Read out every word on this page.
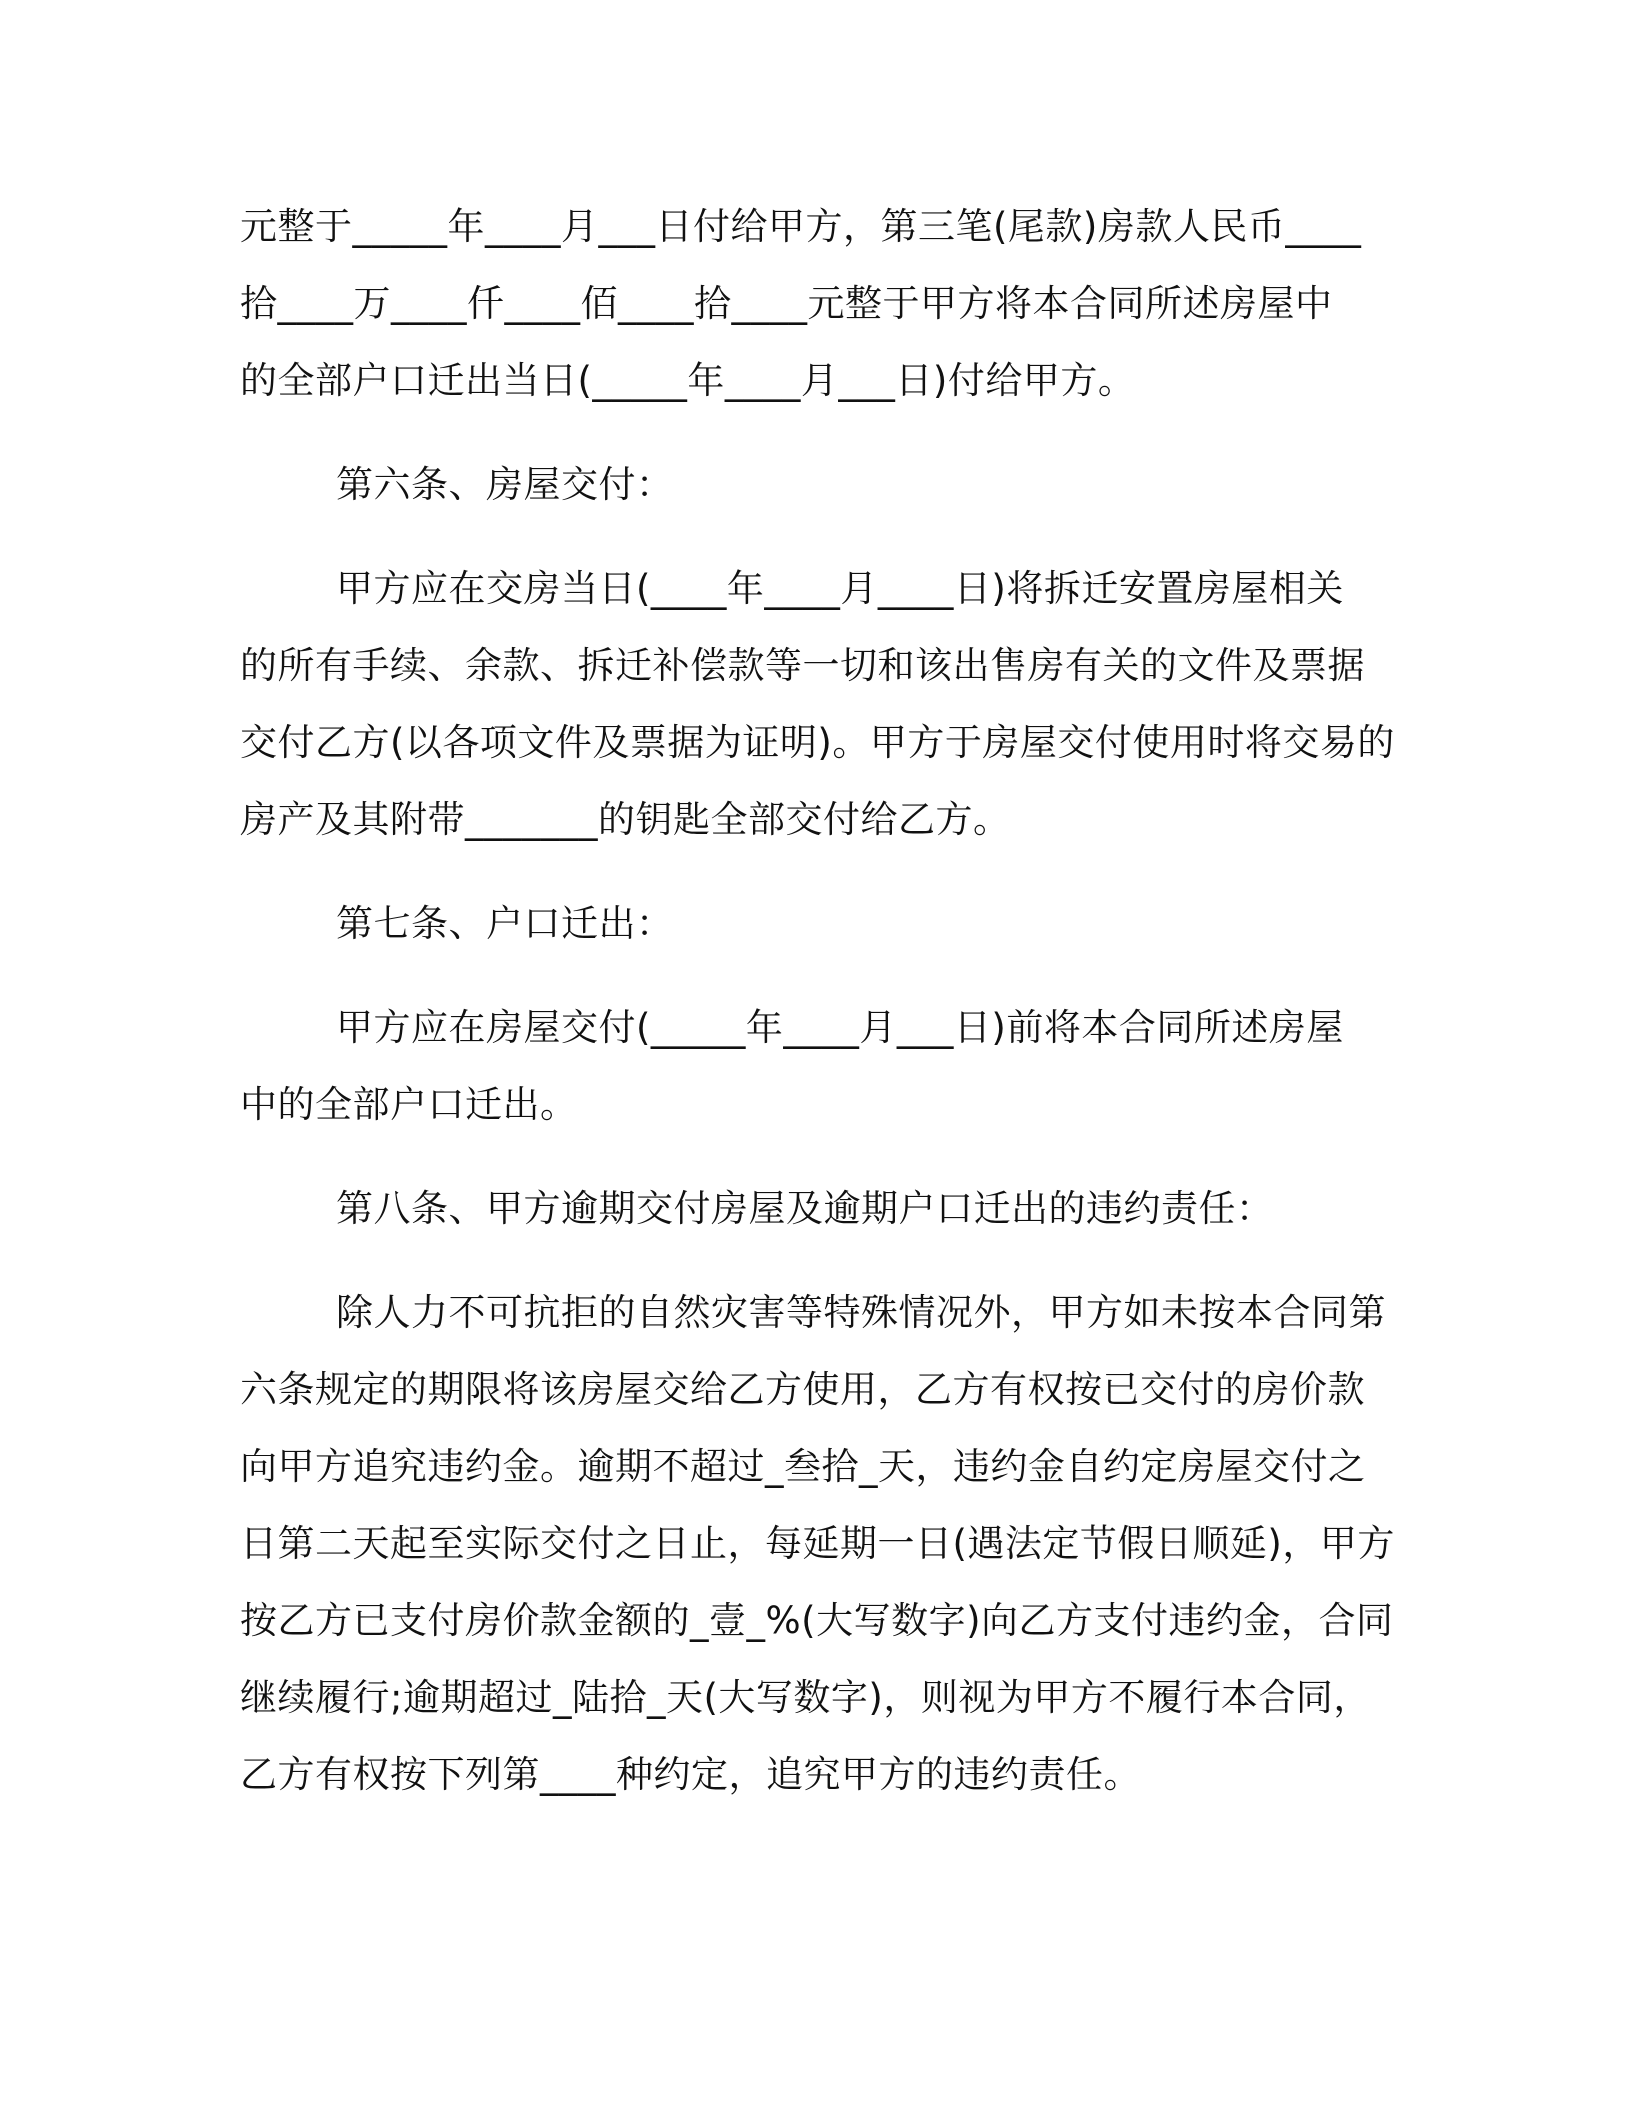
元整于_____年____月___日付给甲方，第三笔(尾款)房款人民币____
拾____万____仟____佰____拾____元整于甲方将本合同所述房屋中
的全部户口迁出当日(_____年____月___日)付给甲方。
第六条、房屋交付：
甲方应在交房当日(____年____月____日)将拆迁安置房屋相关
的所有手续、余款、拆迁补偿款等一切和该出售房有关的文件及票据
交付乙方(以各项文件及票据为证明)。甲方于房屋交付使用时将交易的
房产及其附带_______的钥匙全部交付给乙方。
第七条、户口迁出：
甲方应在房屋交付(_____年____月___日)前将本合同所述房屋
中的全部户口迁出。
第八条、甲方逾期交付房屋及逾期户口迁出的违约责任：
除人力不可抗拒的自然灾害等特殊情况外，甲方如未按本合同第
六条规定的期限将该房屋交给乙方使用，乙方有权按已交付的房价款
向甲方追究违约金。逾期不超过_叁拾_天，违约金自约定房屋交付之
日第二天起至实际交付之日止，每延期一日(遇法定节假日顺延)，甲方
按乙方已支付房价款金额的_壹_%(大写数字)向乙方支付违约金，合同
继续履行;逾期超过_陆拾_天(大写数字)，则视为甲方不履行本合同，
乙方有权按下列第____种约定，追究甲方的违约责任。
